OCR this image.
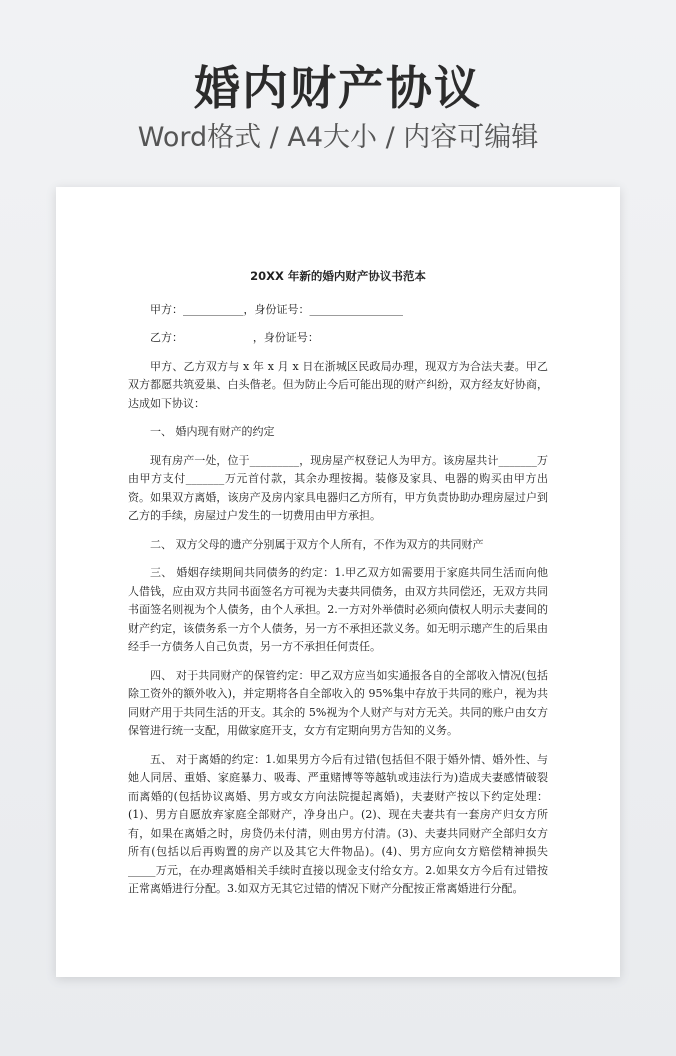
婚内财产协议
Word格式 / A4大小 / 内容可编辑
20XX 年新的婚内财产协议书范本

甲方：___________，身份证号：_________________

乙方：                    ，身份证号：

甲方、乙方双方与 x 年 x 月 x 日在浙城区民政局办理，现双方为合法夫妻。甲乙双方都愿共筑爱巢、白头偕老。但为防止今后可能出现的财产纠纷，双方经友好协商，达成如下协议：

一、 婚内现有财产的约定

现有房产一处，位于_________，现房屋产权登记人为甲方。该房屋共计_______万由甲方支付_______万元首付款，其余办理按揭。装修及家具、电器的购买由甲方出资。如果双方离婚，该房产及房内家具电器归乙方所有，甲方负责协助办理房屋过户到乙方的手续，房屋过户发生的一切费用由甲方承担。

二、 双方父母的遗产分别属于双方个人所有，不作为双方的共同财产

三、 婚姻存续期间共同债务的约定：1.甲乙双方如需要用于家庭共同生活而向他人借钱，应由双方共同书面签名方可视为夫妻共同债务，由双方共同偿还，无双方共同书面签名则视为个人债务，由个人承担。2.一方对外举债时必须向债权人明示夫妻间的财产约定，该债务系一方个人债务，另一方不承担还款义务。如无明示璁产生的后果由经手一方债务人自己负责，另一方不承担任何责任。

四、 对于共同财产的保管约定：甲乙双方应当如实通报各自的全部收入情况(包括除工资外的额外收入)，并定期将各自全部收入的 95%集中存放于共同的账户，视为共同财产用于共同生活的开支。其余的 5%视为个人财产与对方无关。共同的账户由女方保管进行统一支配，用做家庭开支，女方有定期向男方告知的义务。

五、 对于离婚的约定：1.如果男方今后有过错(包括但不限于婚外情、婚外性、与她人同居、重婚、家庭暴力、吸毒、严重赌博等等越轨或违法行为)造成夫妻感情破裂而离婚的(包括协议离婚、男方或女方向法院提起离婚)，夫妻财产按以下约定处理：(1)、男方自愿放弃家庭全部财产，净身出户。(2)、现在夫妻共有一套房产归女方所有，如果在离婚之时，房贷仍未付清，则由男方付清。(3)、夫妻共同财产全部归女方所有(包括以后再购置的房产以及其它大件物品)。(4)、男方应向女方赔偿精神损失_____万元，在办理离婚相关手续时直接以现金支付给女方。2.如果女方今后有过错按正常离婚进行分配。3.如双方无其它过错的情况下财产分配按正常离婚进行分配。
